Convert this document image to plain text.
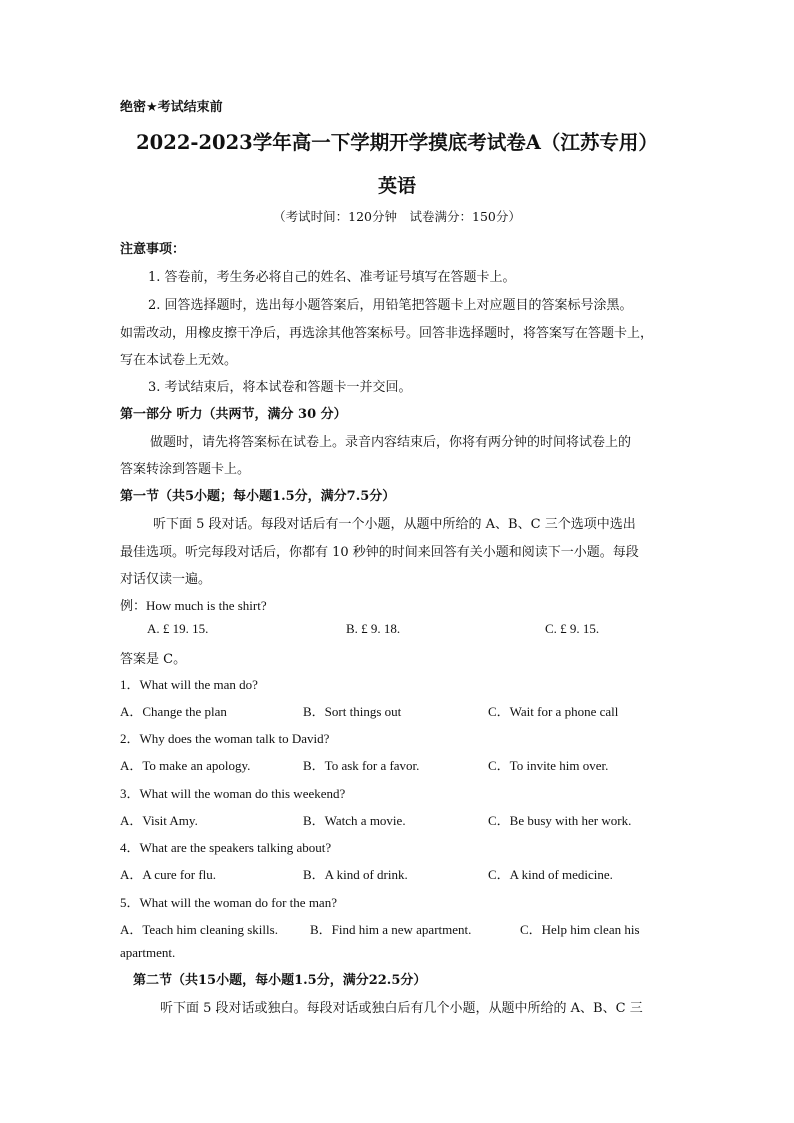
绝密★考试结束前
2022-2023学年高一下学期开学摸底考试卷A（江苏专用）
英语
（考试时间：120分钟　试卷满分：150分）
注意事项：
1. 答卷前，考生务必将自己的姓名、准考证号填写在答题卡上。
2. 回答选择题时，选出每小题答案后，用铅笔把答题卡上对应题目的答案标号涂黑。
如需改动，用橡皮擦干净后，再选涂其他答案标号。回答非选择题时，将答案写在答题卡上，
写在本试卷上无效。
3. 考试结束后，将本试卷和答题卡一并交回。
第一部分 听力（共两节，满分 30 分）
做题时，请先将答案标在试卷上。录音内容结束后，你将有两分钟的时间将试卷上的
答案转涂到答题卡上。
第一节（共5小题；每小题1.5分，满分7.5分）
听下面 5 段对话。每段对话后有一个小题，从题中所给的 A、B、C 三个选项中选出
最佳选项。听完每段对话后，你都有 10 秒钟的时间来回答有关小题和阅读下一小题。每段
对话仅读一遍。
例：How much is the shirt?
A. £ 19. 15.	B. £ 9. 18.	C. £ 9. 15.
答案是 C。
1．What will the man do?
A．Change the plan	B．Sort things out	C．Wait for a phone call
2．Why does the woman talk to David?
A．To make an apology.	B．To ask for a favor.	C．To invite him over.
3．What will the woman do this weekend?
A．Visit Amy.	B．Watch a movie.	C．Be busy with her work.
4．What are the speakers talking about?
A．A cure for flu.	B．A kind of drink.	C．A kind of medicine.
5．What will the woman do for the man?
A．Teach him cleaning skills. B．Find him a new apartment.	C．Help him clean his
apartment.
第二节（共15小题，每小题1.5分，满分22.5分）
听下面 5 段对话或独白。每段对话或独白后有几个小题，从题中所给的 A、B、C 三
